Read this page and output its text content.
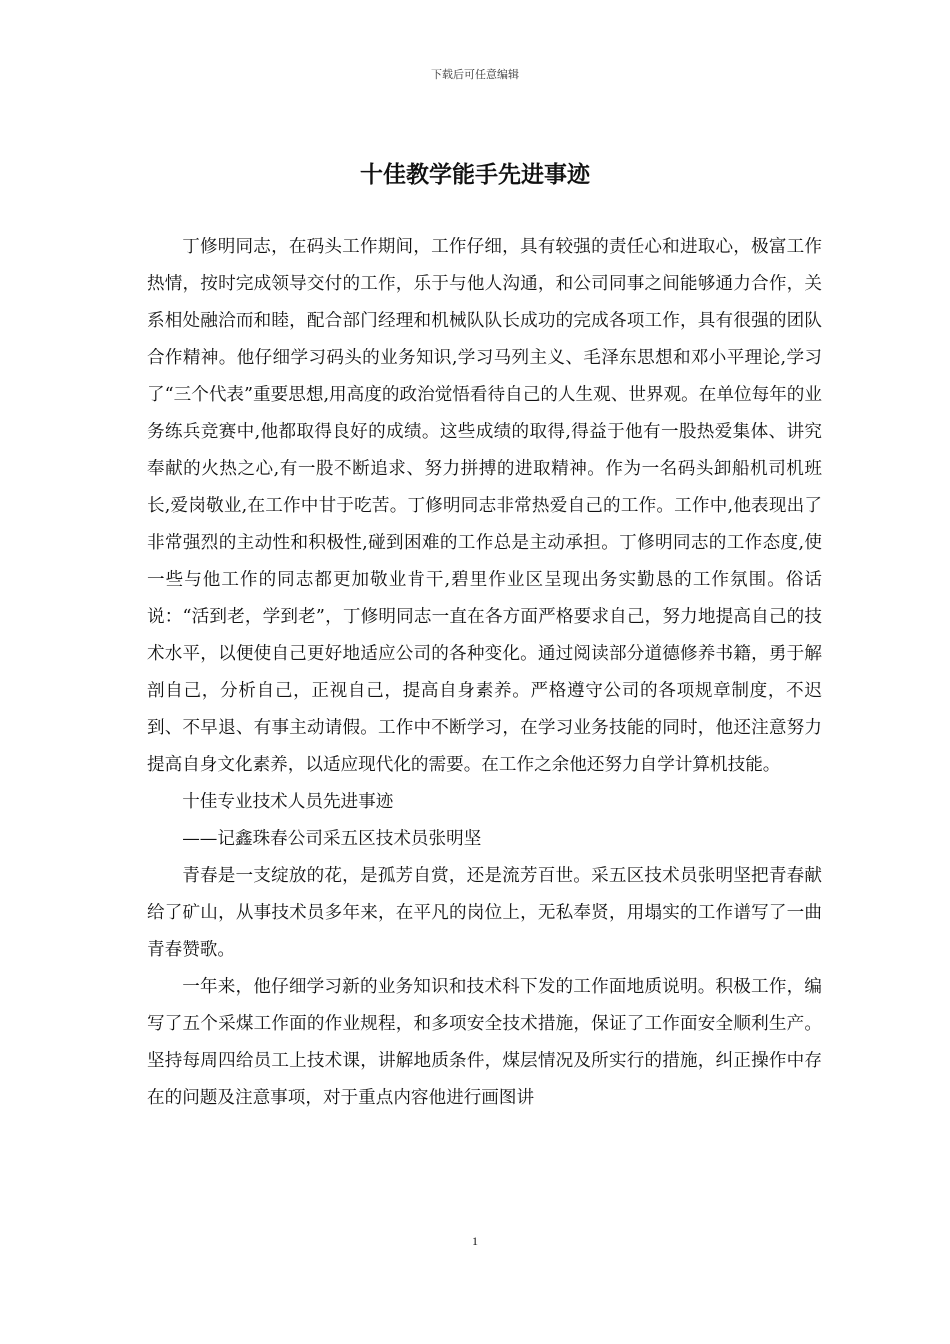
下载后可任意编辑
十佳教学能手先进事迹

丁修明同志，在码头工作期间，工作仔细，具有较强的责任心和进取心，极富工作热情，按时完成领导交付的工作，乐于与他人沟通，和公司同事之间能够通力合作，关系相处融洽而和睦，配合部门经理和机械队队长成功的完成各项工作，具有很强的团队合作精神。他仔细学习码头的业务知识,学习马列主义、毛泽东思想和邓小平理论,学习了“三个代表”重要思想,用高度的政治觉悟看待自己的人生观、世界观。在单位每年的业务练兵竞赛中,他都取得良好的成绩。这些成绩的取得,得益于他有一股热爱集体、讲究奉献的火热之心,有一股不断追求、努力拼搏的进取精神。作为一名码头卸船机司机班长,爱岗敬业,在工作中甘于吃苦。丁修明同志非常热爱自己的工作。工作中,他表现出了非常强烈的主动性和积极性,碰到困难的工作总是主动承担。丁修明同志的工作态度,使一些与他工作的同志都更加敬业肯干,碧里作业区呈现出务实勤恳的工作氛围。俗话说：“活到老，学到老”，丁修明同志一直在各方面严格要求自己，努力地提高自己的技术水平，以便使自己更好地适应公司的各种变化。通过阅读部分道德修养书籍，勇于解剖自己，分析自己，正视自己，提高自身素养。严格遵守公司的各项规章制度，不迟到、不早退、有事主动请假。工作中不断学习，在学习业务技能的同时，他还注意努力提高自身文化素养，以适应现代化的需要。在工作之余他还努力自学计算机技能。

十佳专业技术人员先进事迹

——记鑫珠春公司采五区技术员张明坚

青春是一支绽放的花，是孤芳自赏，还是流芳百世。采五区技术员张明坚把青春献给了矿山，从事技术员多年来，在平凡的岗位上，无私奉贤，用塌实的工作谱写了一曲青春赞歌。

一年来，他仔细学习新的业务知识和技术科下发的工作面地质说明。积极工作，编写了五个采煤工作面的作业规程，和多项安全技术措施，保证了工作面安全顺利生产。坚持每周四给员工上技术课，讲解地质条件，煤层情况及所实行的措施，纠正操作中存在的问题及注意事项，对于重点内容他进行画图讲

1
